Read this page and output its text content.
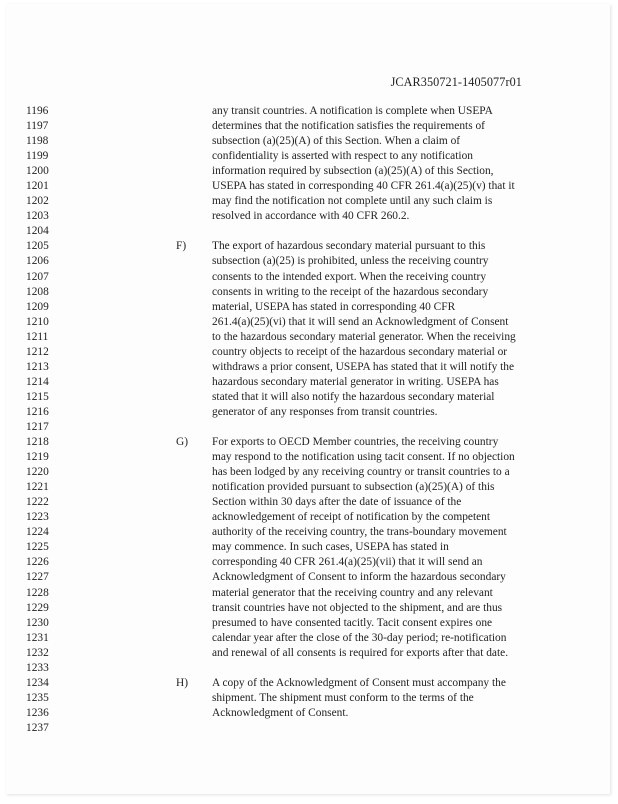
JCAR350721-1405077r01
1196
1197
1198
1199
1200
1201
1202
1203
1204
1205
1206
1207
1208
1209
1210
1211
1212
1213
1214
1215
1216
1217
1218
1219
1220
1221
1222
1223
1224
1225
1226
1227
1228
1229
1230
1231
1232
1233
1234
1235
1236
1237
any transit countries. A notification is complete when USEPA
determines that the notification satisfies the requirements of
subsection (a)(25)(A) of this Section. When a claim of
confidentiality is asserted with respect to any notification
information required by subsection (a)(25)(A) of this Section,
USEPA has stated in corresponding 40 CFR 261.4(a)(25)(v) that it
may find the notification not complete until any such claim is
resolved in accordance with 40 CFR 260.2.
F) The export of hazardous secondary material pursuant to this
subsection (a)(25) is prohibited, unless the receiving country
consents to the intended export. When the receiving country
consents in writing to the receipt of the hazardous secondary
material, USEPA has stated in corresponding 40 CFR
261.4(a)(25)(vi) that it will send an Acknowledgment of Consent
to the hazardous secondary material generator. When the receiving
country objects to receipt of the hazardous secondary material or
withdraws a prior consent, USEPA has stated that it will notify the
hazardous secondary material generator in writing. USEPA has
stated that it will also notify the hazardous secondary material
generator of any responses from transit countries.
G) For exports to OECD Member countries, the receiving country
may respond to the notification using tacit consent. If no objection
has been lodged by any receiving country or transit countries to a
notification provided pursuant to subsection (a)(25)(A) of this
Section within 30 days after the date of issuance of the
acknowledgement of receipt of notification by the competent
authority of the receiving country, the trans-boundary movement
may commence. In such cases, USEPA has stated in
corresponding 40 CFR 261.4(a)(25)(vii) that it will send an
Acknowledgment of Consent to inform the hazardous secondary
material generator that the receiving country and any relevant
transit countries have not objected to the shipment, and are thus
presumed to have consented tacitly. Tacit consent expires one
calendar year after the close of the 30-day period; re-notification
and renewal of all consents is required for exports after that date.
H) A copy of the Acknowledgment of Consent must accompany the
shipment. The shipment must conform to the terms of the
Acknowledgment of Consent.
